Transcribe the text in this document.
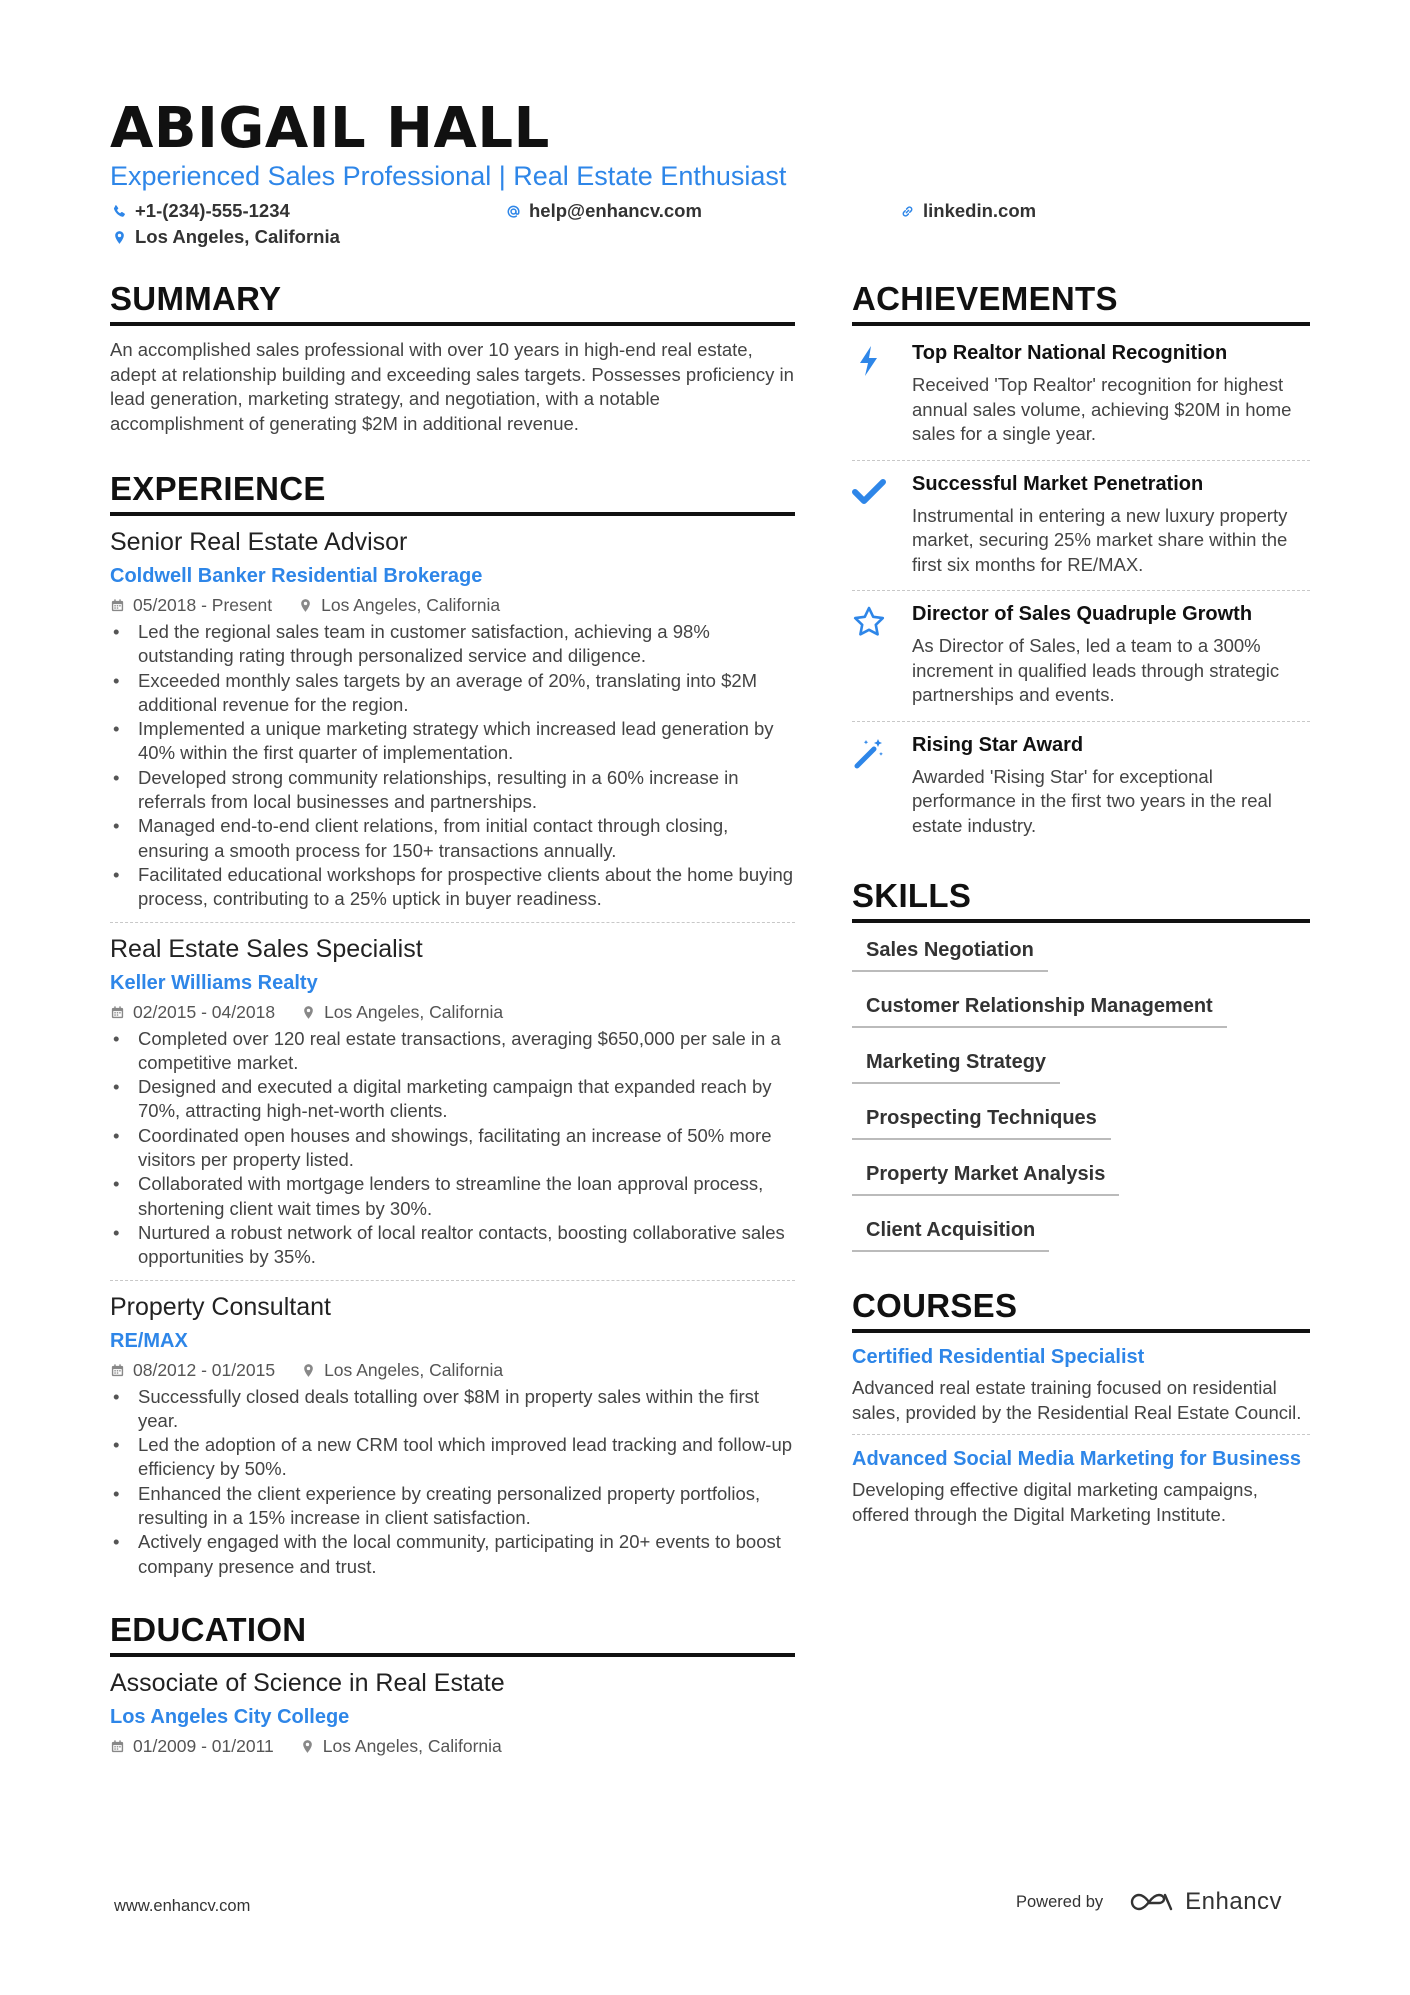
ABIGAIL HALL
Experienced Sales Professional | Real Estate Enthusiast
+1-(234)-555-1234	help@enhancv.com	linkedin.com
Los Angeles, California
SUMMARY
An accomplished sales professional with over 10 years in high-end real estate, adept at relationship building and exceeding sales targets. Possesses proficiency in lead generation, marketing strategy, and negotiation, with a notable accomplishment of generating $2M in additional revenue.
EXPERIENCE
Senior Real Estate Advisor
Coldwell Banker Residential Brokerage
05/2018 - Present	Los Angeles, California
• Led the regional sales team in customer satisfaction, achieving a 98% outstanding rating through personalized service and diligence.
• Exceeded monthly sales targets by an average of 20%, translating into $2M additional revenue for the region.
• Implemented a unique marketing strategy which increased lead generation by 40% within the first quarter of implementation.
• Developed strong community relationships, resulting in a 60% increase in referrals from local businesses and partnerships.
• Managed end-to-end client relations, from initial contact through closing, ensuring a smooth process for 150+ transactions annually.
• Facilitated educational workshops for prospective clients about the home buying process, contributing to a 25% uptick in buyer readiness.
Real Estate Sales Specialist
Keller Williams Realty
02/2015 - 04/2018	Los Angeles, California
• Completed over 120 real estate transactions, averaging $650,000 per sale in a competitive market.
• Designed and executed a digital marketing campaign that expanded reach by 70%, attracting high-net-worth clients.
• Coordinated open houses and showings, facilitating an increase of 50% more visitors per property listed.
• Collaborated with mortgage lenders to streamline the loan approval process, shortening client wait times by 30%.
• Nurtured a robust network of local realtor contacts, boosting collaborative sales opportunities by 35%.
Property Consultant
RE/MAX
08/2012 - 01/2015	Los Angeles, California
• Successfully closed deals totalling over $8M in property sales within the first year.
• Led the adoption of a new CRM tool which improved lead tracking and follow-up efficiency by 50%.
• Enhanced the client experience by creating personalized property portfolios, resulting in a 15% increase in client satisfaction.
• Actively engaged with the local community, participating in 20+ events to boost company presence and trust.
EDUCATION
Associate of Science in Real Estate
Los Angeles City College
01/2009 - 01/2011	Los Angeles, California
ACHIEVEMENTS
Top Realtor National Recognition
Received 'Top Realtor' recognition for highest annual sales volume, achieving $20M in home sales for a single year.
Successful Market Penetration
Instrumental in entering a new luxury property market, securing 25% market share within the first six months for RE/MAX.
Director of Sales Quadruple Growth
As Director of Sales, led a team to a 300% increment in qualified leads through strategic partnerships and events.
Rising Star Award
Awarded 'Rising Star' for exceptional performance in the first two years in the real estate industry.
SKILLS
Sales Negotiation
Customer Relationship Management
Marketing Strategy
Prospecting Techniques
Property Market Analysis
Client Acquisition
COURSES
Certified Residential Specialist
Advanced real estate training focused on residential sales, provided by the Residential Real Estate Council.
Advanced Social Media Marketing for Business
Developing effective digital marketing campaigns, offered through the Digital Marketing Institute.
www.enhancv.com	Powered by	Enhancv
